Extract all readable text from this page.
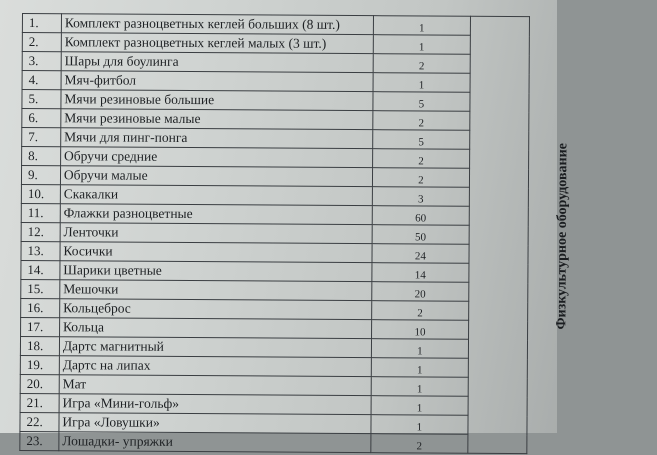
1.	Комплект разноцветных кеглей больших (8 шт.)	1	Физкультурное оборудование
2.	Комплект разноцветных кеглей малых (3 шт.)	1	
3.	Шары для боулинга	2	
4.	Мяч-фитбол	1	
5.	Мячи резиновые большие	5	
6.	Мячи резиновые малые	2	
7.	Мячи для пинг-понга	5	
8.	Обручи средние	2	
9.	Обручи малые	2	
10.	Скакалки	3	
11.	Флажки разноцветные	60	
12.	Ленточки	50	
13.	Косички	24	
14.	Шарики цветные	14	
15.	Мешочки	20	
16.	Кольцеброс	2	
17.	Кольца	10	
18.	Дартс магнитный	1	
19.	Дартс на липах	1	
20.	Мат	1	
21.	Игра «Мини-гольф»	1	
22.	Игра «Ловушки»	1	
23.	Лошадки- упряжки	2	
